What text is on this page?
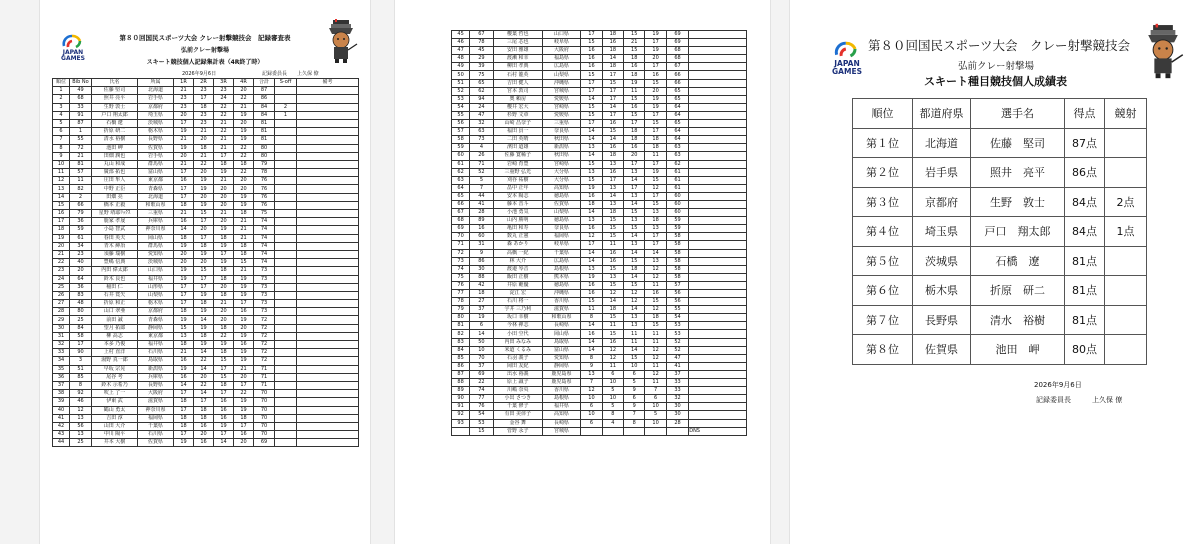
JAPAN GAMES
第８０回国民スポーツ大会 クレー射撃競技会　記録審査表
弘前クレー射撃場
スキート競技個人記録集計表（4R終了時）
2026年9月6日	記録委員長　　上久保 僚
順位	Bib No	氏名	所属	1R	2R	3R	4R	合計	S-off	備考
1	49	佐藤 堅司	北海道	21	23	23	20	87		
2	68	照井 亮平	岩手県	23	17	24	22	86		
3	33	生野 敦士	京都府	23	18	22	21	84	2	
4	91	戸口 翔太郎	埼玉県	20	23	22	19	84	1	
5	87	石橋 遼	茨城県	17	23	21	20	81		
6	1	折原 研二	栃木県	19	21	22	19	81		
7	55	清水 裕樹	長野県	21	20	21	19	81		
8	72	池田 岬	佐賀県	19	18	21	22	80		
9	21	田畑 潤也	岩手県	20	21	17	22	80		
10	81	丸山 和成	群馬県	21	22	18	18	79		
11	57	廣部 拓也	富山県	17	20	19	22	78		
12	11	庄田 隼人	東京都	16	19	21	20	76		
13	82	中野 正臣	青森県	17	19	20	20	76		
14	2	田畑 亮	北海道	17	20	20	19	76		
15	66	橋本 正毅	和歌山県	18	19	20	19	76		
16	79	星野 靖耶ﾘｯｸｽ	三重県	21	15	21	18	75		
17	36	鹿家 孝晟	兵庫県	16	17	20	21	74		
18	59	小島 智武	神奈川県	14	20	19	21	74		
19	61	春田 英夫	岡山県	18	17	18	21	74		
20	34	青木 紳冶	群馬県	19	18	19	18	74		
21	23	須藤 瑞樹	愛知県	20	19	17	18	74		
22	40	豊嶋 信典	茨城県	20	20	19	15	74		
23	20	内田 偉太郎	山口県	19	15	18	21	73		
24	64	鈴木 良也	福井県	19	17	18	19	73		
25	36	稲田 仁	山形県	17	17	20	19	73		
26	83	石井 賞矢	山梨県	17	19	18	19	73		
27	48	折原 和正	栃木県	17	18	21	17	73		
28	80	山口 翠亜	京都府	18	19	20	16	73		
29	25	前田 誠	青森県	19	14	20	19	72		
30	84	望月 拓郎	静岡県	15	19	18	20	72		
31	58	柳 高志	東京都	13	18	22	19	72		
32	17	本多 乃俊	福井県	18	19	19	16	72		
33	90	上村 直洋	石川県	21	14	18	19	72		
34	3	湯野 真一郎	鳥取県	16	22	15	19	72		
35	51	早坂 宗晃	新潟県	19	14	17	21	71		
36	85	尾谷 考	兵庫県	16	20	15	20	71		
37	8	鈴木 示希乃	長野県	14	22	18	17	71		
38	92	吹上 了一	大阪府	17	14	17	22	70		
39	46	伊東 武	滋賀県	18	17	16	19	70		
40	12	鶴山 勇太	神奈川県	17	18	16	19	70		
41	13	吉田 淳	福岡県	18	18	16	18	70		
42	56	山田 大介	千葉県	18	16	19	17	70		
43	13	中川 陽平	石川県	17	20	17	16	70		
44	25	井本 大樹	佐賀県	19	16	14	20	69		
45	67	櫻葉 哲也	山口県	17	18	15	19	69	
46	78	三尾 芯也	岐阜県	15	16	21	17	69	
47	45	安田 雅雄	大阪府	16	18	15	19	68	
48	29	渡瀬 和幸	福島県	16	14	18	20	68	
49	39	柳田 孝典	広島県	16	18	16	17	67	
50	75	石村 龍英	山梨県	15	17	18	16	66	
51	65	吉田 健人	沖縄県	17	15	19	15	66	
52	62	宮本 敦司	宮城県	17	17	11	20	65	
53	94	奥 頼房	愛媛県	14	17	15	19	65	
54	24	櫻井 宏大	宮崎県	15	14	16	19	64	
55	47	杉野 文章	愛媛県	15	17	15	17	64	
56	32	山崎 昌奈子	三重県	17	16	17	15	65	
57	63	福田 員一	奈良県	14	15	18	17	64	
58	73	二田 英晴	秋田県	14	14	18	18	64	
59	4	濱田 道雄	新潟県	13	16	16	18	63	
60	26	佐藤 寛稀子	秋田県	14	18	20	11	63	
61	71	岩崎 育豊	宮崎県	15	13	17	17	62	
62	52	三重野 弘光	大分県	13	16	13	19	61	
63	5	刈谷 祐樹	大分県	15	17	14	15	61	
64	7	畠中 正年	高知県	19	13	17	12	61	
65	44	安本 陽志	徳島県	16	14	13	17	60	
66	41	藤本 晋斗	佐賀県	18	13	14	15	60	
67	28	小池 勇気	山梨県	14	18	15	13	60	
68	89	山内 勝明	徳島県	13	15	13	18	59	
69	16	亀田 和寿	奈良県	16	15	15	13	59	
70	60	数丸 正憲	福岡県	12	15	14	17	58	
71	31	森 あかり	岐阜県	17	11	13	17	58	
72	9	高橋 一紀	千葉県	14	16	14	14	58	
73	86	林 大介	広島県	14	16	15	13	58	
74	30	渡邉 琴音	島根県	13	15	18	12	58	
75	88	飯田 正樹	熊本県	19	13	14	12	58	
76	42	井原 範優	徳島県	16	15	15	11	57	
77	18	淀江 宏	沖縄県	16	12	12	16	56	
78	27	石川 将一	香川県	15	14	12	15	56	
79	37	宇井 三乃利	滋賀県	11	18	14	12	55	
80	19	坂口 幸樹	和歌山県	8	15	13	18	54	
81	6	今林 禅志	長崎県	14	11	13	15	53	
82	14	小田 空代	岡山県	16	15	11	11	53	
83	50	内田 みなみ	鳥取県	14	16	11	11	52	
84	10	米道 くるみ	富山県	14	12	14	12	52	
85	70	石羽 義子	愛知県	8	12	15	12	47	
86	37	岡田 友紀	静岡県	9	11	10	11	41	
87	69	出水 裕義	鹿児島県	13	6	6	12	37	
88	22	原上 誠子	鹿児島県	7	10	5	11	33	
89	74	川嶋 奈央	香川県	12	5	9	7	33	
90	77	小出 さつき	島根県	10	10	6	6	32	
91	76	千葉 修子	福井県	6	5	9	10	30	
92	54	有田 美倖子	高知県	10	8	7	5	30	
93	53	金谷 舞	長崎県	6	4	8	10	28	
	15	菅野 永子	宮城県						DNS
JAPAN GAMES
第８０回国民スポーツ大会　クレー射撃競技会
弘前クレー射撃場
スキート種目競技個人成績表
順位	都道府県	選手名	得点	競射
第１位	北海道	佐藤　堅司	87点	
第２位	岩手県	照井　亮平	86点	
第３位	京都府	生野　敦士	84点	2点
第４位	埼玉県	戸口　翔太郎	84点	1点
第５位	茨城県	石橋　遼	81点	
第６位	栃木県	折原　研二	81点	
第７位	長野県	清水　裕樹	81点	
第８位	佐賀県	池田　岬	80点	
2026年9月6日
記録委員長　　　上久保 僚
